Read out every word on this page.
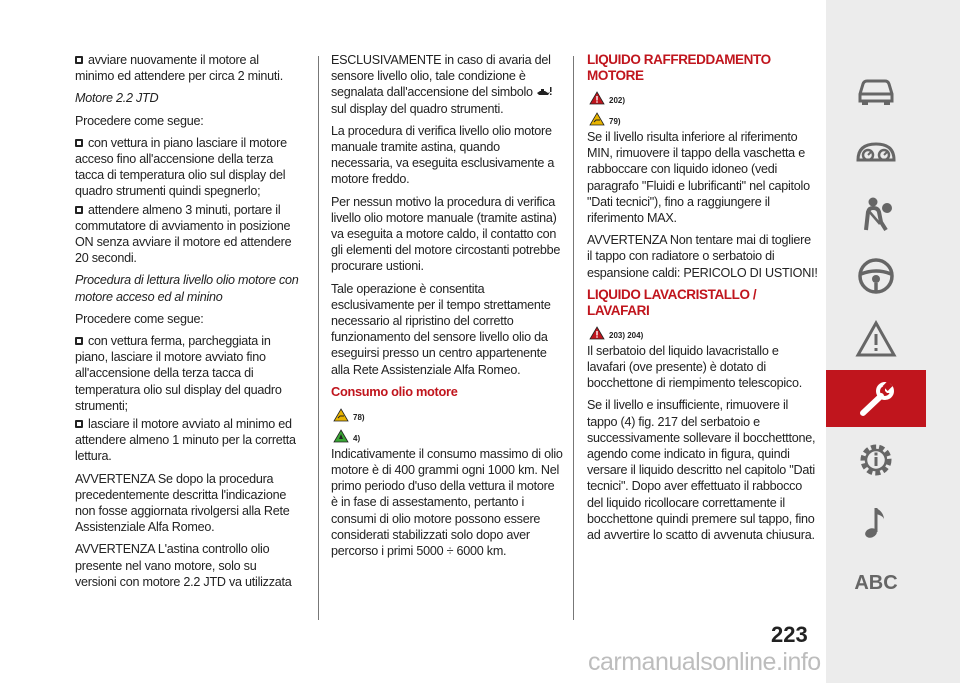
avviare nuovamente il motore al minimo ed attendere per circa 2 minuti.

Motore 2.2 JTD

Procedere come segue:

con vettura in piano lasciare il motore acceso fino all'accensione della terza tacca di temperatura olio sul display del quadro strumenti quindi spegnerlo;

attendere almeno 3 minuti, portare il commutatore di avviamento in posizione ON senza avviare il motore ed attendere 20 secondi.

Procedura di lettura livello olio motore con motore acceso ed al minino

Procedere come segue:

con vettura ferma, parcheggiata in piano, lasciare il motore avviato fino all'accensione della terza tacca di temperatura olio sul display del quadro strumenti;

lasciare il motore avviato al minimo ed attendere almeno 1 minuto per la corretta lettura.

AVVERTENZA Se dopo la procedura precedentemente descritta l'indicazione non fosse aggiornata rivolgersi alla Rete Assistenziale Alfa Romeo.

AVVERTENZA L'astina controllo olio presente nel vano motore, solo su versioni con motore 2.2 JTD va utilizzata

ESCLUSIVAMENTE in caso di avaria del sensore livello olio, tale condizione è segnalata dall'accensione del simbolo  sul display del quadro strumenti.

La procedura di verifica livello olio motore manuale tramite astina, quando necessaria, va eseguita esclusivamente a motore freddo.

Per nessun motivo la procedura di verifica livello olio motore manuale (tramite astina) va eseguita a motore caldo, il contatto con gli elementi del motore circostanti potrebbe procurare ustioni.

Tale operazione è consentita esclusivamente per il tempo strettamente necessario al ripristino del corretto funzionamento del sensore livello olio da eseguirsi presso un centro appartenente alla Rete Assistenziale Alfa Romeo.

Consumo olio motore
78)
4)

Indicativamente il consumo massimo di olio motore è di 400 grammi ogni 1000 km. Nel primo periodo d'uso della vettura il motore è in fase di assestamento, pertanto i consumi di olio motore possono essere considerati stabilizzati solo dopo aver percorso i primi 5000 ÷ 6000 km.

LIQUIDO RAFFREDDAMENTO MOTORE
202)
79)

Se il livello risulta inferiore al riferimento MIN, rimuovere il tappo della vaschetta e rabboccare con liquido idoneo (vedi paragrafo "Fluidi e lubrificanti" nel capitolo "Dati tecnici"), fino a raggiungere il riferimento MAX.

AVVERTENZA Non tentare mai di togliere il tappo con radiatore o serbatoio di espansione caldi: PERICOLO DI USTIONI!

LIQUIDO LAVACRISTALLO / LAVAFARI
203) 204)

Il serbatoio del liquido lavacristallo e lavafari (ove presente) è dotato di bocchettone di riempimento telescopico.

Se il livello e insufficiente, rimuovere il tappo (4) fig. 217 del serbatoio e successivamente sollevare il bocchetttone, agendo come indicato in figura, quindi versare il liquido descritto nel capitolo "Dati tecnici". Dopo aver effettuato il rabbocco del liquido ricollocare correttamente il bocchettone quindi premere sul tappo, fino ad avvertire lo scatto di avvenuta chiusura.

223
ABC
carmanualsonline.info
